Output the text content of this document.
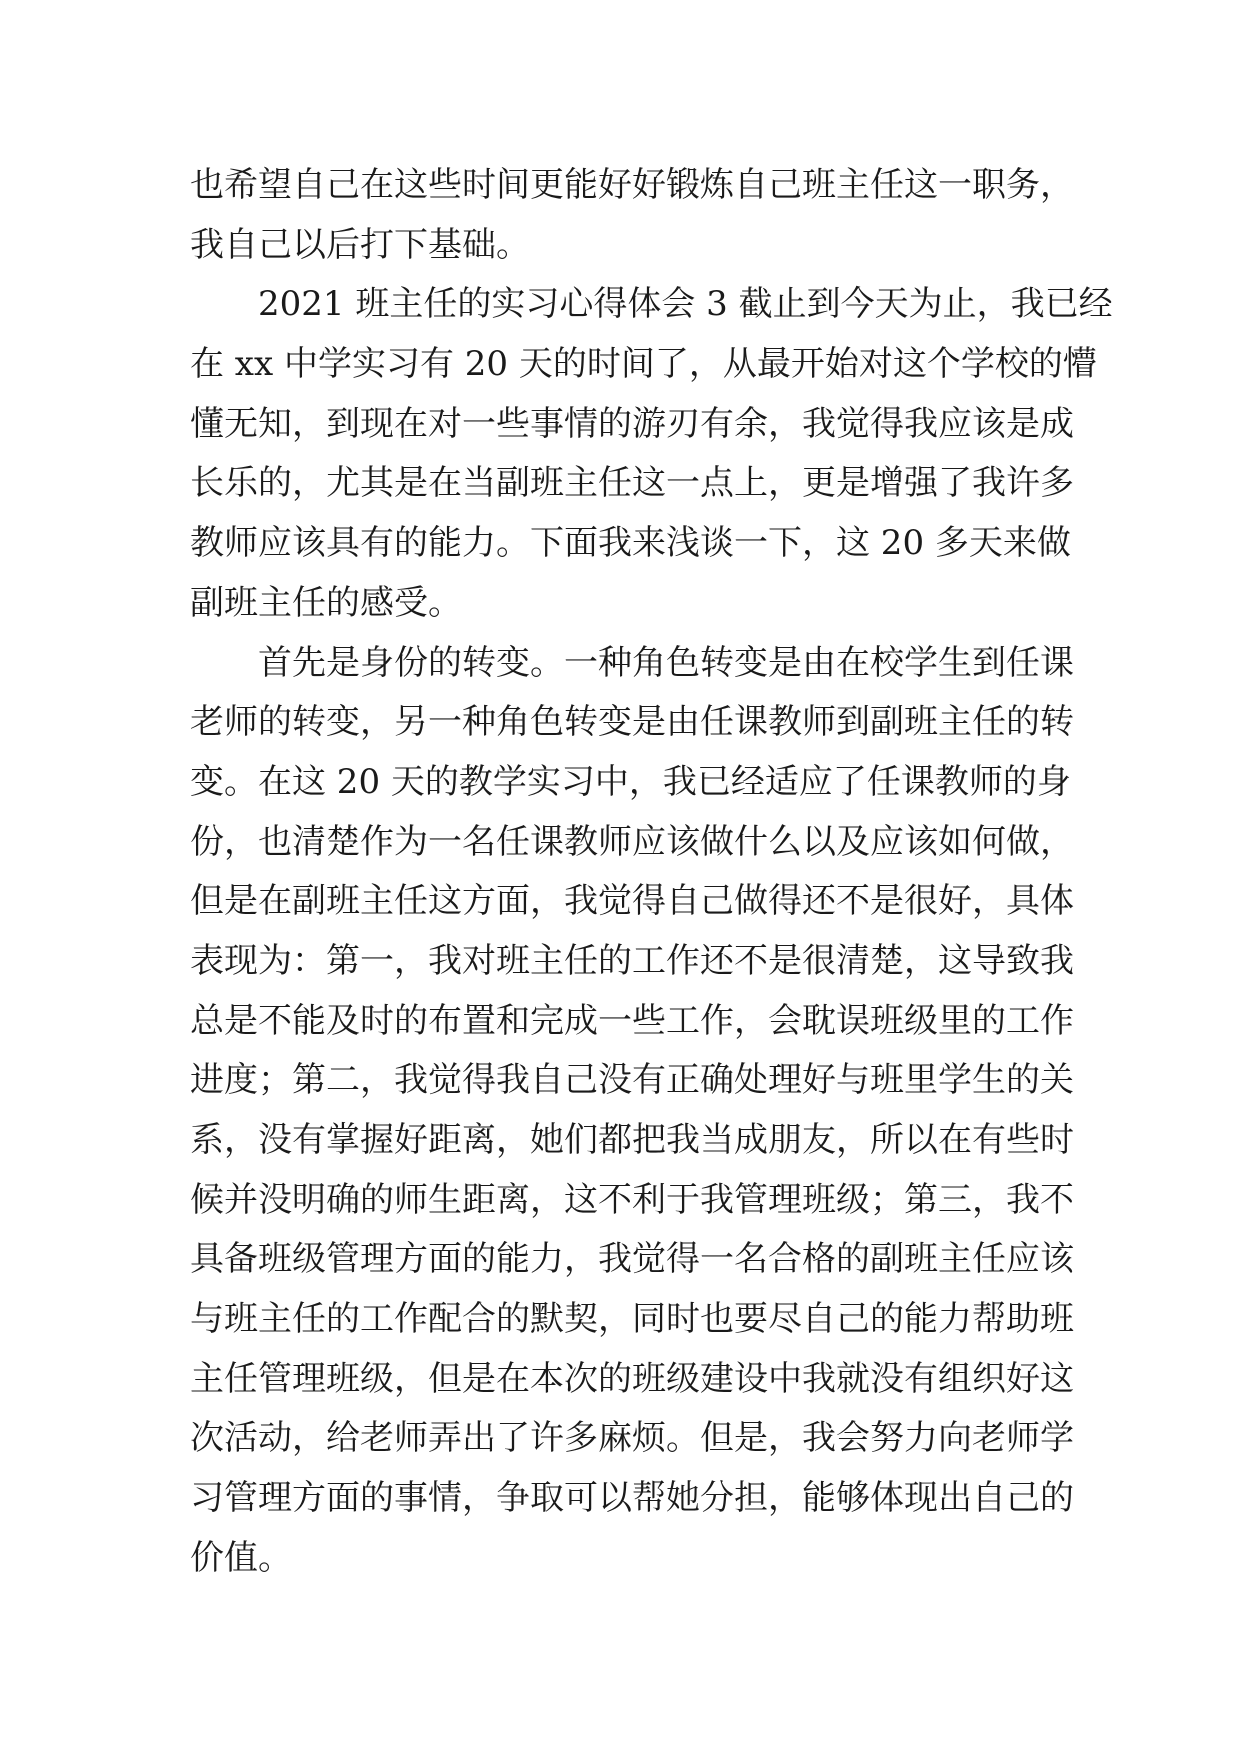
也希望自己在这些时间更能好好锻炼自己班主任这一职务，
我自己以后打下基础。
2021 班主任的实习心得体会 3 截止到今天为止，我已经
在 xx 中学实习有 20 天的时间了，从最开始对这个学校的懵
懂无知，到现在对一些事情的游刃有余，我觉得我应该是成
长乐的，尤其是在当副班主任这一点上，更是增强了我许多
教师应该具有的能力。下面我来浅谈一下，这 20 多天来做
副班主任的感受。
首先是身份的转变。一种角色转变是由在校学生到任课
老师的转变，另一种角色转变是由任课教师到副班主任的转
变。在这 20 天的教学实习中，我已经适应了任课教师的身
份，也清楚作为一名任课教师应该做什么以及应该如何做，
但是在副班主任这方面，我觉得自己做得还不是很好，具体
表现为：第一，我对班主任的工作还不是很清楚，这导致我
总是不能及时的布置和完成一些工作，会耽误班级里的工作
进度；第二，我觉得我自己没有正确处理好与班里学生的关
系，没有掌握好距离，她们都把我当成朋友，所以在有些时
候并没明确的师生距离，这不利于我管理班级；第三，我不
具备班级管理方面的能力，我觉得一名合格的副班主任应该
与班主任的工作配合的默契，同时也要尽自己的能力帮助班
主任管理班级，但是在本次的班级建设中我就没有组织好这
次活动，给老师弄出了许多麻烦。但是，我会努力向老师学
习管理方面的事情，争取可以帮她分担，能够体现出自己的
价值。
